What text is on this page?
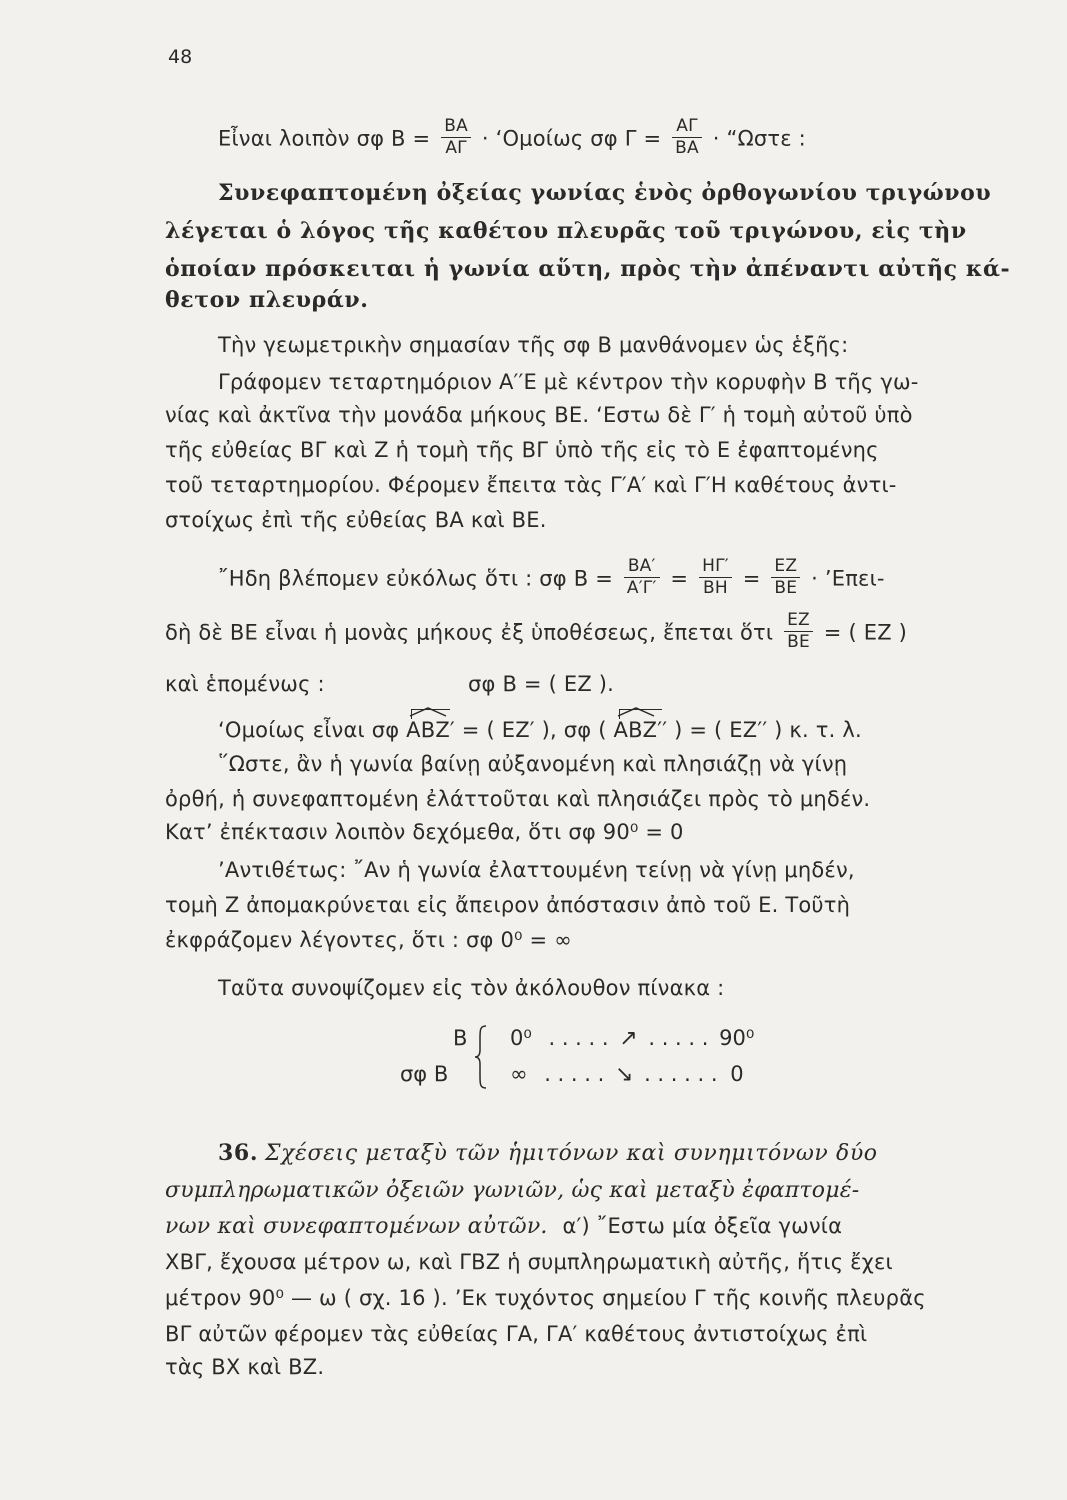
48
Εἶναι λοιπὸν σφ $B = \frac{BA}{A\Gamma}$ · ‘Ομοίως σφ $\Gamma = \frac{A\Gamma}{BA}$ · “Ωστε :
Συνεφαπτομένη ὀξείας γωνίας ἑνὸς ὀρθογωνίου τριγώνου
λέγεται ὁ λόγος τῆς καθέτου πλευρᾶς τοῦ τριγώνου, εἰς τὴν
ὁποίαν πρόσκειται ἡ γωνία αὕτη, πρὸς τὴν ἀπέναντι αὐτῆς κά-
θετον πλευράν.
Τὴν γεωμετρικὴν σημασίαν τῆς σφ Β μανθάνομεν ὡς ἑξῆς:
Γράφομεν τεταρτημόριον Α′′Ε μὲ κέντρον τὴν κορυφὴν Β τῆς γω-
νίας καὶ ἀκτῖνα τὴν μονάδα μήκους ΒΕ. ‘Εστω δὲ Γ′ ἡ τομὴ αὐτοῦ ὑπὸ
τῆς εὐθείας ΒΓ καὶ Ζ ἡ τομὴ τῆς ΒΓ ὑπὸ τῆς εἰς τὸ Ε ἐφαπτομένης
τοῦ τεταρτημορίου. Φέρομεν ἔπειτα τὰς Γ′Α′ καὶ Γ′Η καθέτους ἀντι-
στοίχως ἐπὶ τῆς εὐθείας ΒΑ καὶ ΒΕ.
῎Ηδη βλέπομεν εὐκόλως ὅτι : σφ $B = \frac{BA'}{A'\Gamma'} = \frac{H\Gamma'}{BH} = \frac{EZ}{BE}$ · ’Επει-
δὴ δὲ ΒΕ εἶναι ἡ μονὰς μήκους ἐξ ὑποθέσεως, ἔπεται ὅτι $\frac{EZ}{BE}$ = ( ΕΖ )
καὶ ἑπομένως :	σφ Β = ( ΕΖ ).
‘Ομοίως εἶναι σφ ΑΒΖ′ = ( ΕΖ′ ), σφ ( ΑΒΖ′′ ) = ( ΕΖ′′ ) κ. τ. λ.
῞Ωστε, ἂν ἡ γωνία βαίνῃ αὐξανομένη καὶ πλησιάζῃ νὰ γίνῃ
ὀρθή, ἡ συνεφαπτομένη ἐλάττοῦται καὶ πλησιάζει πρὸς τὸ μηδέν.
Κατ’ ἐπέκτασιν λοιπὸν δεχόμεθα, ὅτι σφ 90⁰ = 0
’Αντιθέτως: ῎Αν ἡ γωνία ἐλαττουμένη τείνῃ νὰ γίνῃ μηδέν,
τομὴ Ζ ἀπομακρύνεται εἰς ἄπειρον ἀπόστασιν ἀπὸ τοῦ Ε. Τοῦτὴ
ἐκφράζομεν λέγοντες, ὅτι : σφ 0⁰ = ∞
Ταῦτα συνοψίζομεν εἰς τὸν ἀκόλουθον πίνακα :
Β
σφ Β
0⁰ . . . . . ↗ . . . . . 90⁰
∞ . . . . . ↘ . . . . . . 0
36. Σχέσεις μεταξὺ τῶν ἡμιτόνων καὶ συνημιτόνων δύο
συμπληρωματικῶν ὀξειῶν γωνιῶν, ὡς καὶ μεταξὺ ἐφαπτομέ-
νων καὶ συνεφαπτομένων αὐτῶν. α′) ῎Εστω μία ὀξεῖα γωνία
ΧΒΓ, ἔχουσα μέτρον ω, καὶ ΓΒΖ ἡ συμπληρωματικὴ αὐτῆς, ἥτις ἔχει
μέτρον 90⁰ — ω ( σχ. 16 ). ’Εκ τυχόντος σημείου Γ τῆς κοινῆς πλευρᾶς
ΒΓ αὐτῶν φέρομεν τὰς εὐθείας ΓΑ, ΓΑ′ καθέτους ἀντιστοίχως ἐπὶ
τὰς ΒΧ καὶ ΒΖ.
